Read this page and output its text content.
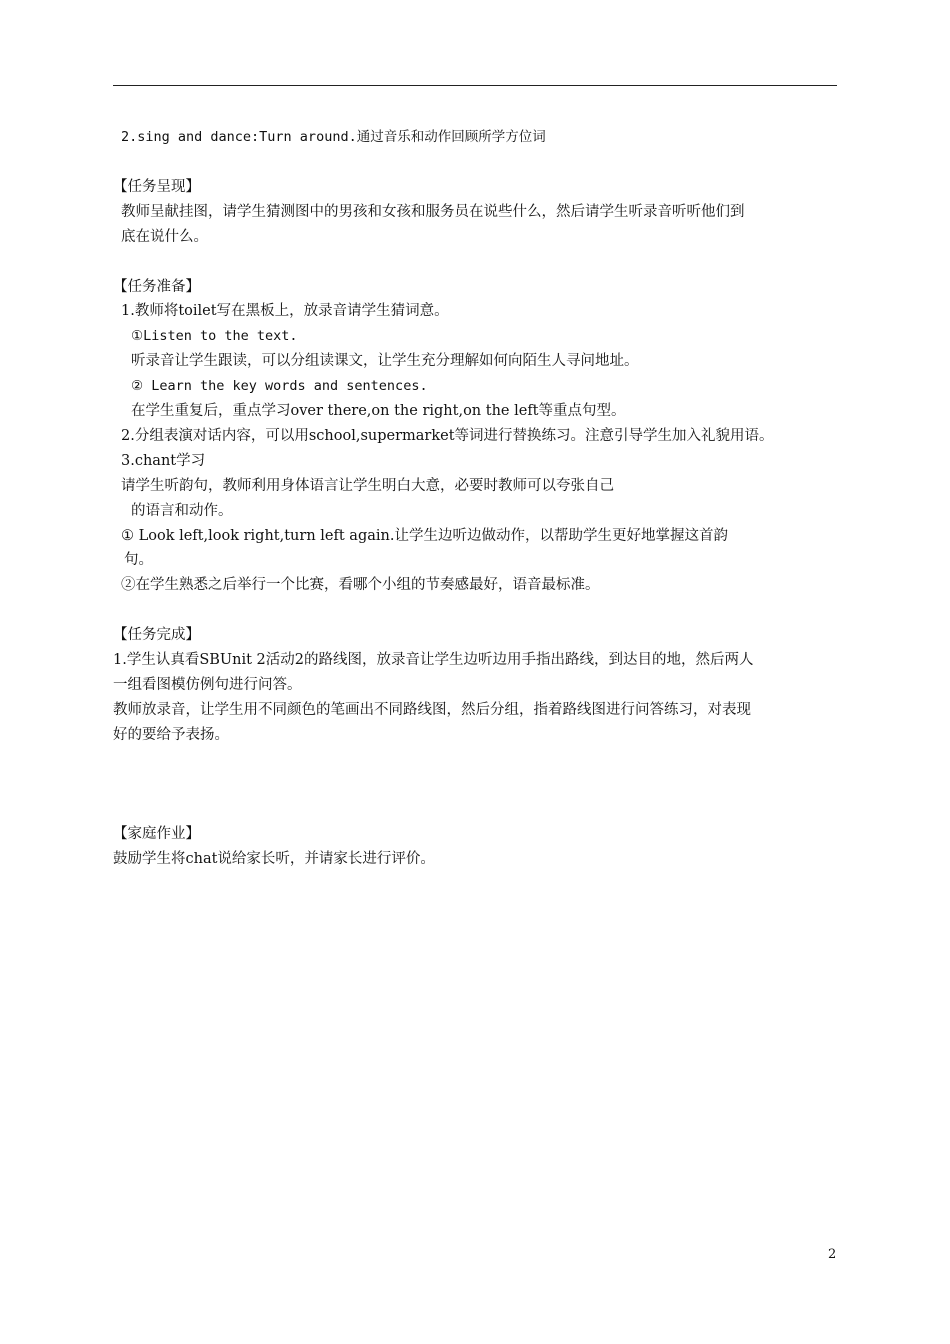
2.sing and dance:Turn around.通过音乐和动作回顾所学方位词
【任务呈现】
教师呈献挂图，请学生猜测图中的男孩和女孩和服务员在说些什么，然后请学生听录音听听他们到
底在说什么。
【任务准备】
1.教师将toilet写在黑板上，放录音请学生猜词意。
①Listen to the text.
听录音让学生跟读，可以分组读课文，让学生充分理解如何向陌生人寻问地址。
② Learn the key words and sentences.
在学生重复后，重点学习over there,on the right,on the left等重点句型。
2.分组表演对话内容，可以用school,supermarket等词进行替换练习。注意引导学生加入礼貌用语。
3.chant学习
请学生听韵句，教师利用身体语言让学生明白大意，必要时教师可以夸张自己
的语言和动作。
① Look left,look right,turn left again.让学生边听边做动作，以帮助学生更好地掌握这首韵
句。
②在学生熟悉之后举行一个比赛，看哪个小组的节奏感最好，语音最标准。
【任务完成】
1.学生认真看SBUnit 2活动2的路线图，放录音让学生边听边用手指出路线，到达目的地，然后两人
一组看图模仿例句进行问答。
教师放录音，让学生用不同颜色的笔画出不同路线图，然后分组，指着路线图进行问答练习，对表现
好的要给予表扬。
【家庭作业】
鼓励学生将chat说给家长听，并请家长进行评价。
2
